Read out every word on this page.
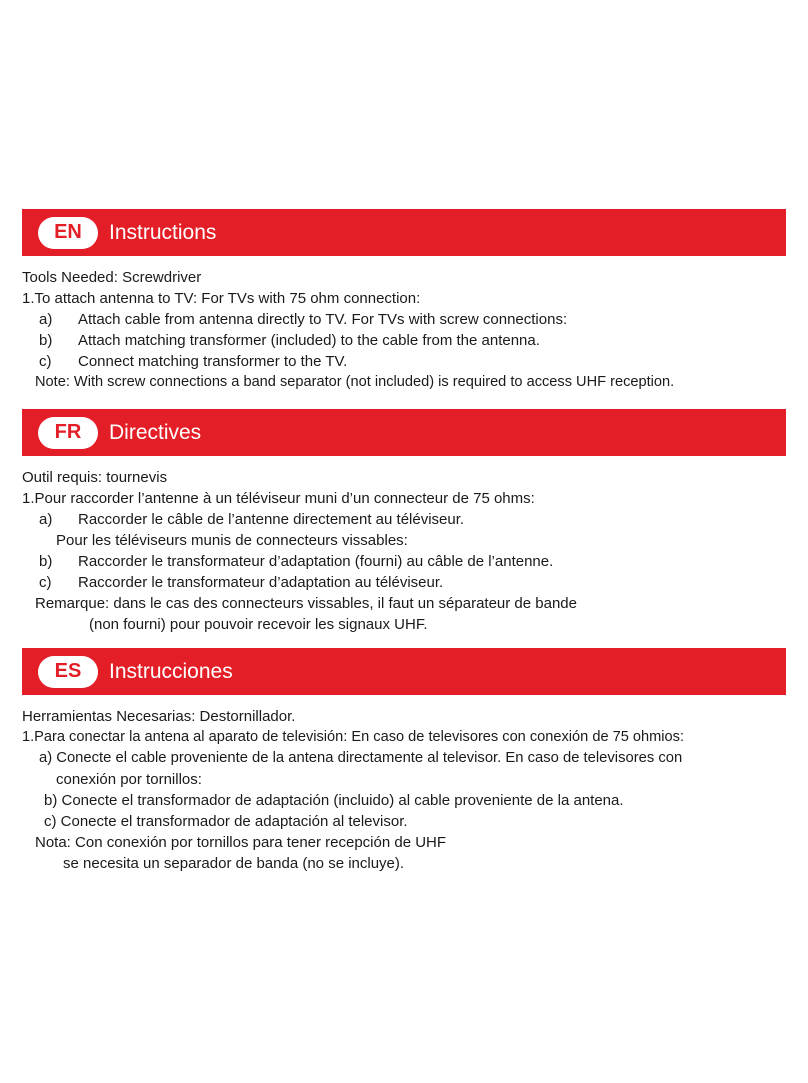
EN	Instructions
Tools Needed: Screwdriver
1.To attach antenna to TV: For TVs with 75 ohm connection:
a) Attach cable from antenna directly to TV. For TVs with screw connections:
b) Attach matching transformer (included) to the cable from the antenna.
c) Connect matching transformer to the TV.
Note: With screw connections a band separator (not included) is required to access UHF reception.
FR	Directives
Outil requis: tournevis
1.Pour raccorder l’antenne à un téléviseur muni d’un connecteur de 75 ohms:
a) Raccorder le câble de l’antenne directement au téléviseur.
Pour les téléviseurs munis de connecteurs vissables:
b) Raccorder le transformateur d’adaptation (fourni) au câble de l’antenne.
c) Raccorder le transformateur d’adaptation au téléviseur.
Remarque: dans le cas des connecteurs vissables, il faut un séparateur de bande
(non fourni) pour pouvoir recevoir les signaux UHF.
ES	Instrucciones
Herramientas Necesarias: Destornillador.
1.Para conectar la antena al aparato de televisión: En caso de televisores con conexión de 75 ohmios:
a) Conecte el cable proveniente de la antena directamente al televisor. En caso de televisores con
conexión por tornillos:
b) Conecte el transformador de adaptación (incluido) al cable proveniente de la antena.
c) Conecte el transformador de adaptación al televisor.
Nota: Con conexión por tornillos para tener recepción de UHF
se necesita un separador de banda (no se incluye).
